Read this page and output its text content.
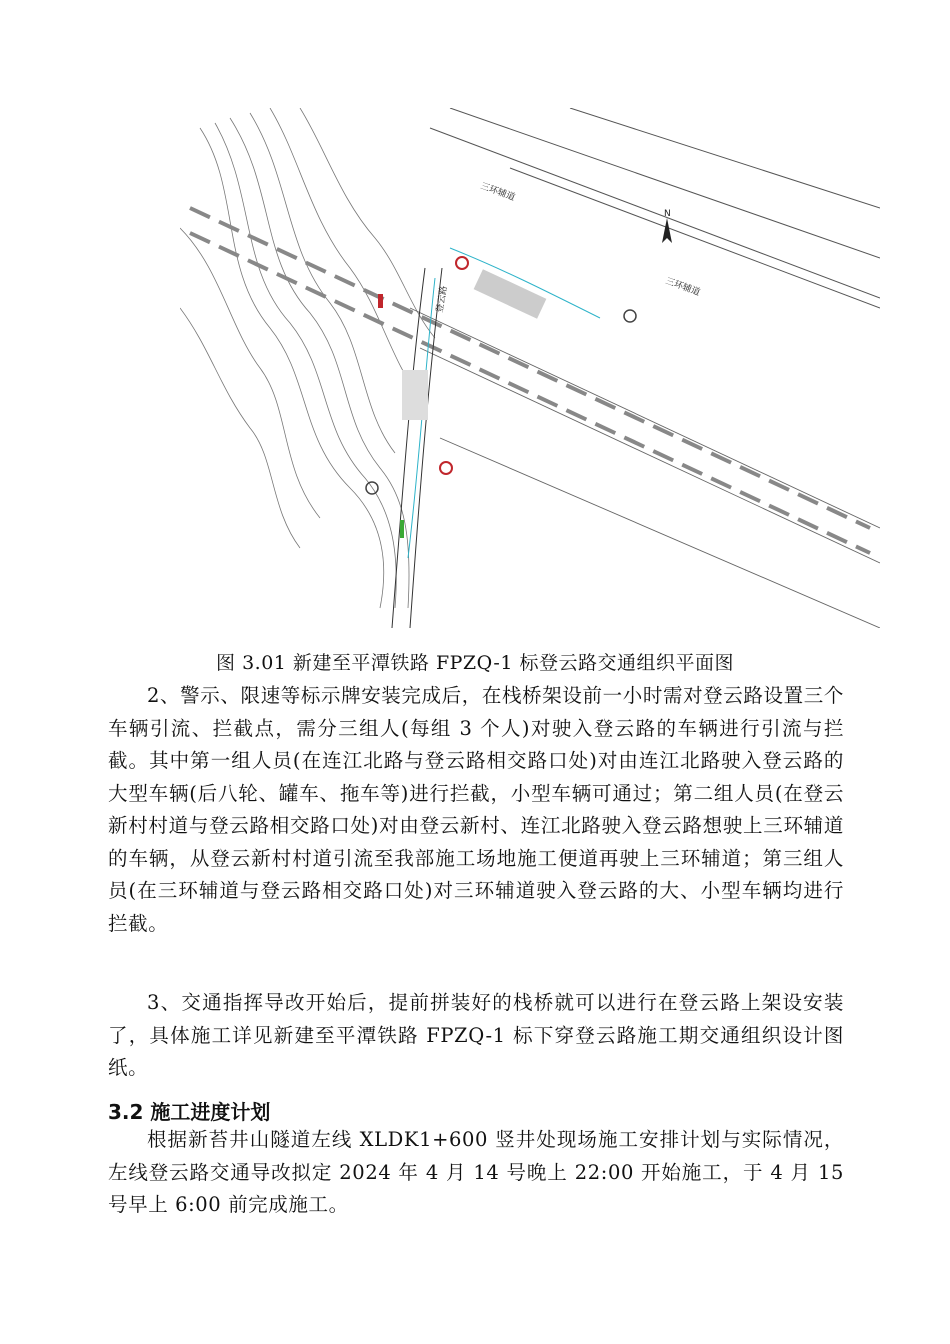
N
三环辅道
三环辅道
登云路
图 3.01 新建至平潭铁路 FPZQ-1 标登云路交通组织平面图

2、警示、限速等标示牌安装完成后，在栈桥架设前一小时需对登云路设置三个车辆引流、拦截点，需分三组人(每组 3 个人)对驶入登云路的车辆进行引流与拦截。其中第一组人员(在连江北路与登云路相交路口处)对由连江北路驶入登云路的大型车辆(后八轮、罐车、拖车等)进行拦截，小型车辆可通过；第二组人员(在登云新村村道与登云路相交路口处)对由登云新村、连江北路驶入登云路想驶上三环辅道的车辆，从登云新村村道引流至我部施工场地施工便道再驶上三环辅道；第三组人员(在三环辅道与登云路相交路口处)对三环辅道驶入登云路的大、小型车辆均进行拦截。

3、交通指挥导改开始后，提前拼装好的栈桥就可以进行在登云路上架设安装了，具体施工详见新建至平潭铁路 FPZQ-1 标下穿登云路施工期交通组织设计图纸。

3.2 施工进度计划

根据新苔井山隧道左线 XLDK1+600 竖井处现场施工安排计划与实际情况，左线登云路交通导改拟定 2024 年 4 月 14 号晚上 22:00 开始施工，于 4 月 15 号早上 6:00 前完成施工。
